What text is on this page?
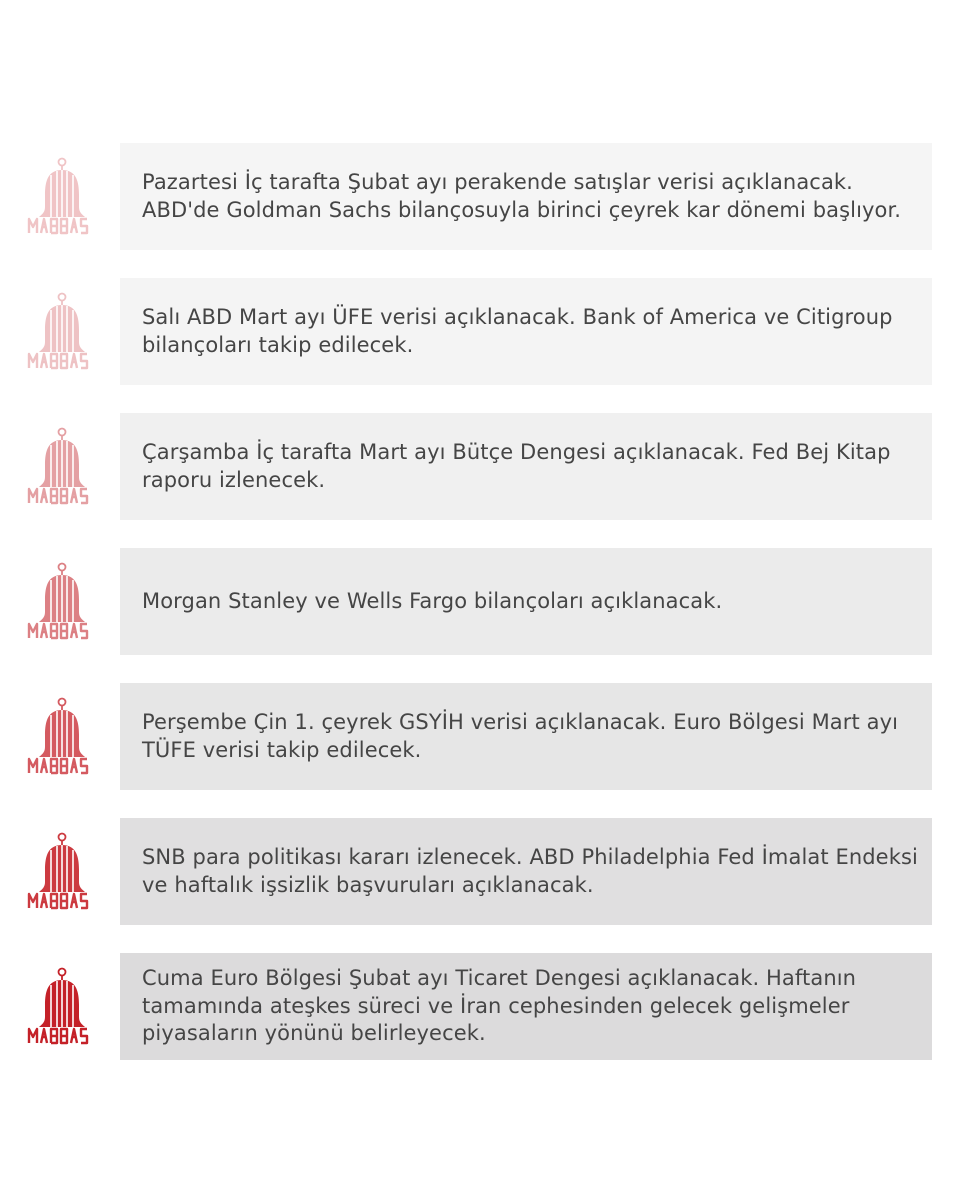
Pazartesi İç tarafta Şubat ayı perakende satışlar verisi açıklanacak. ABD'de Goldman Sachs bilançosuyla birinci çeyrek kar dönemi başlıyor.
Salı ABD Mart ayı ÜFE verisi açıklanacak. Bank of America ve Citigroup bilançoları takip edilecek.
Çarşamba İç tarafta Mart ayı Bütçe Dengesi açıklanacak. Fed Bej Kitap raporu izlenecek.
Morgan Stanley ve Wells Fargo bilançoları açıklanacak.
Perşembe Çin 1. çeyrek GSYİH verisi açıklanacak. Euro Bölgesi Mart ayı TÜFE verisi takip edilecek.
SNB para politikası kararı izlenecek. ABD Philadelphia Fed İmalat Endeksi ve haftalık işsizlik başvuruları açıklanacak.
Cuma Euro Bölgesi Şubat ayı Ticaret Dengesi açıklanacak. Haftanın tamamında ateşkes süreci ve İran cephesinden gelecek gelişmeler piyasaların yönünü belirleyecek.
